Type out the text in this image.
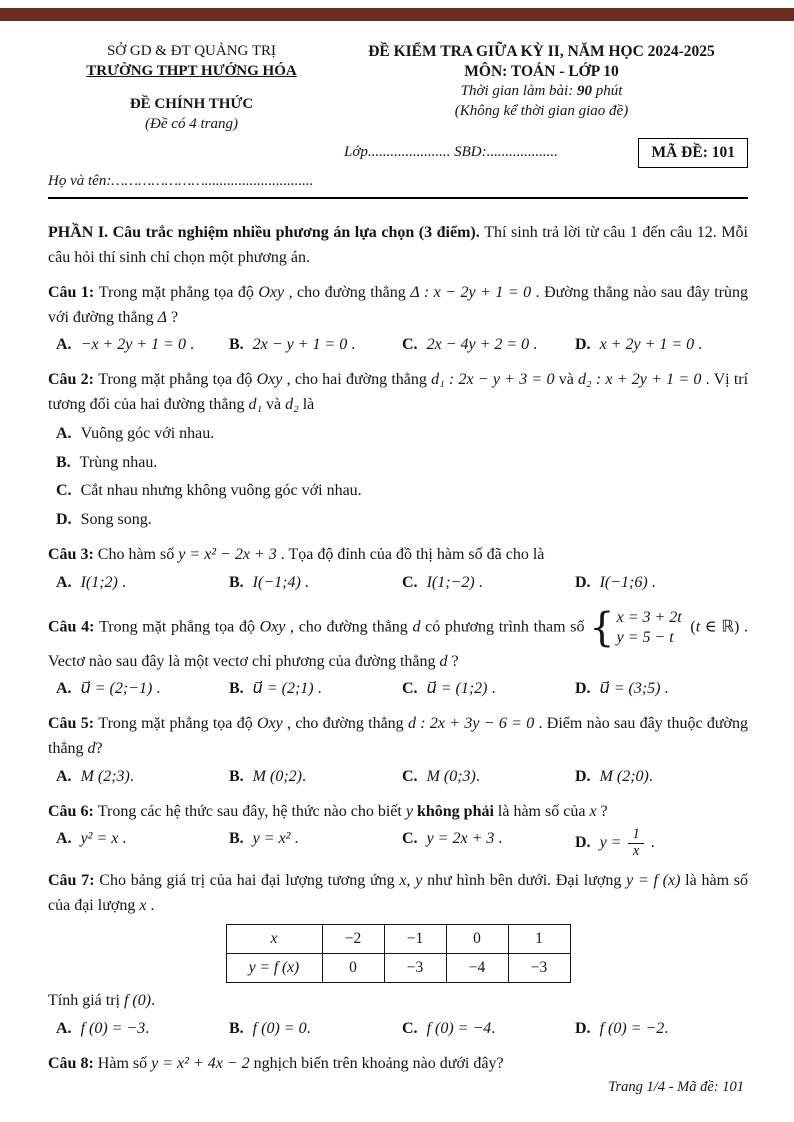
SỞ GD & ĐT QUẢNG TRỊ
TRƯỜNG THPT HƯỚNG HÓA
ĐỀ CHÍNH THỨC
(Đề có 4 trang)
ĐỀ KIỂM TRA GIỮA KỲ II, NĂM HỌC 2024-2025
MÔN: TOÁN - LỚP 10
Thời gian làm bài: 90 phút
(Không kể thời gian giao đề)
Lớp...................... SBD:...................	MÃ ĐỀ: 101
Họ và tên:………………….............................

PHẦN I. Câu trắc nghiệm nhiều phương án lựa chọn (3 điểm). Thí sinh trả lời từ câu 1 đến câu 12. Mỗi câu hỏi thí sinh chỉ chọn một phương án.

Câu 1: Trong mặt phẳng tọa độ Oxy , cho đường thẳng Δ : x − 2y + 1 = 0 . Đường thẳng nào sau đây trùng với đường thẳng Δ ?

A. −x + 2y + 1 = 0 .	B. 2x − y + 1 = 0 .	C. 2x − 4y + 2 = 0 .	D. x + 2y + 1 = 0 .

Câu 2: Trong mặt phẳng tọa độ Oxy , cho hai đường thẳng d₁ : 2x − y + 3 = 0 và d₂ : x + 2y + 1 = 0 . Vị trí tương đối của hai đường thẳng d₁ và d₂ là

A. Vuông góc với nhau.
B. Trùng nhau.
C. Cắt nhau nhưng không vuông góc với nhau.
D. Song song.

Câu 3: Cho hàm số y = x² − 2x + 3 . Tọa độ đỉnh của đồ thị hàm số đã cho là

A. I(1;2) .	B. I(−1;4) .	C. I(1;−2) .	D. I(−1;6) .

Câu 4: Trong mặt phẳng tọa độ Oxy , cho đường thẳng d có phương trình tham số { x = 3 + 2t
y = 5 − t
(t ∈ ℝ) . Vectơ nào sau đây là một vectơ chỉ phương của đường thẳng d ?

A. u⃗ = (2;−1) .	B. u⃗ = (2;1) .	C. u⃗ = (1;2) .	D. u⃗ = (3;5) .

Câu 5: Trong mặt phẳng tọa độ Oxy , cho đường thẳng d : 2x + 3y − 6 = 0 . Điểm nào sau đây thuộc đường thẳng d?

A. M (2;3).	B. M (0;2).	C. M (0;3).	D. M (2;0).

Câu 6: Trong các hệ thức sau đây, hệ thức nào cho biết y không phải là hàm số của x ?

A. y² = x .	B. y = x² .	C. y = 2x + 3 .	D. $y = \frac{1}{x}$ .

Câu 7: Cho bảng giá trị của hai đại lượng tương ứng x, y như hình bên dưới. Đại lượng y = f (x) là hàm số của đại lượng x .

x	−2	−1	0	1
y = f (x)	0	−3	−4	−3

Tính giá trị f (0).

A. f (0) = −3.	B. f (0) = 0.	C. f (0) = −4.	D. f (0) = −2.

Câu 8: Hàm số y = x² + 4x − 2 nghịch biến trên khoảng nào dưới đây?

Trang 1/4 - Mã đề: 101
